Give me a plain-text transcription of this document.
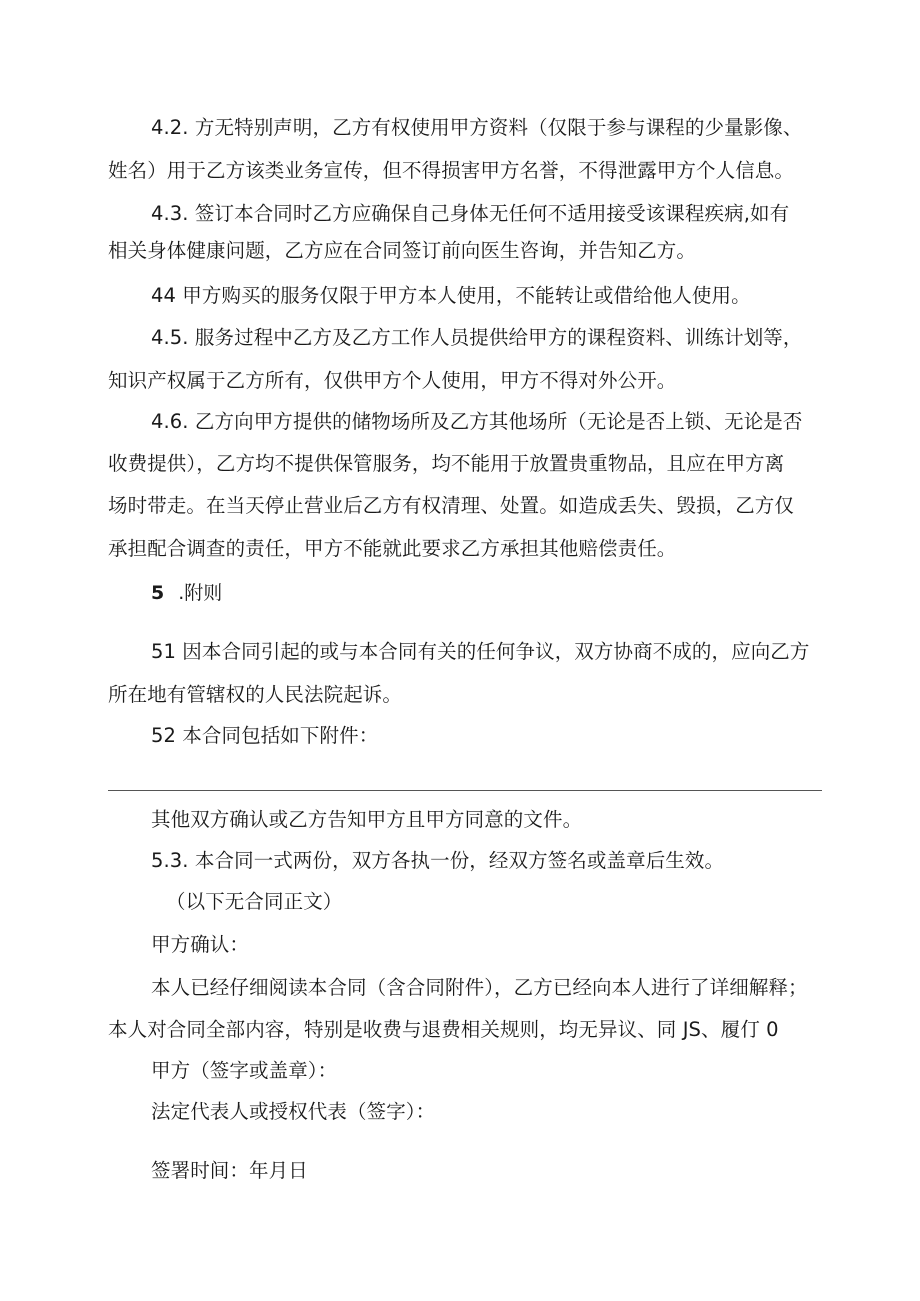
4.2. 方无特别声明，乙方有权使用甲方资料（仅限于参与课程的少量影像、
姓名）用于乙方该类业务宣传，但不得损害甲方名誉，不得泄露甲方个人信息。
4.3. 签订本合同时乙方应确保自己身体无任何不适用接受该课程疾病,如有
相关身体健康问题，乙方应在合同签订前向医生咨询，并告知乙方。
44 甲方购买的服务仅限于甲方本人使用，不能转让或借给他人使用。
4.5. 服务过程中乙方及乙方工作人员提供给甲方的课程资料、训练计划等，
知识产权属于乙方所有，仅供甲方个人使用，甲方不得对外公开。
4.6. 乙方向甲方提供的储物场所及乙方其他场所（无论是否上锁、无论是否
收费提供），乙方均不提供保管服务，均不能用于放置贵重物品，且应在甲方离
场时带走。在当天停止营业后乙方有权清理、处置。如造成丢失、毁损，乙方仅
承担配合调查的责任，甲方不能就此要求乙方承担其他赔偿责任。
5 .附则
51 因本合同引起的或与本合同有关的任何争议，双方协商不成的，应向乙方
所在地有管辖权的人民法院起诉。
52 本合同包括如下附件：
其他双方确认或乙方告知甲方且甲方同意的文件。
5.3. 本合同一式两份，双方各执一份，经双方签名或盖章后生效。
（以下无合同正文）
甲方确认：
本人已经仔细阅读本合同（含合同附件），乙方已经向本人进行了详细解释；
本人对合同全部内容，特别是收费与退费相关规则，均无异议、同 JS、履仃 0
甲方（签字或盖章）：
法定代表人或授权代表（签字）：
签署时间：年月日
